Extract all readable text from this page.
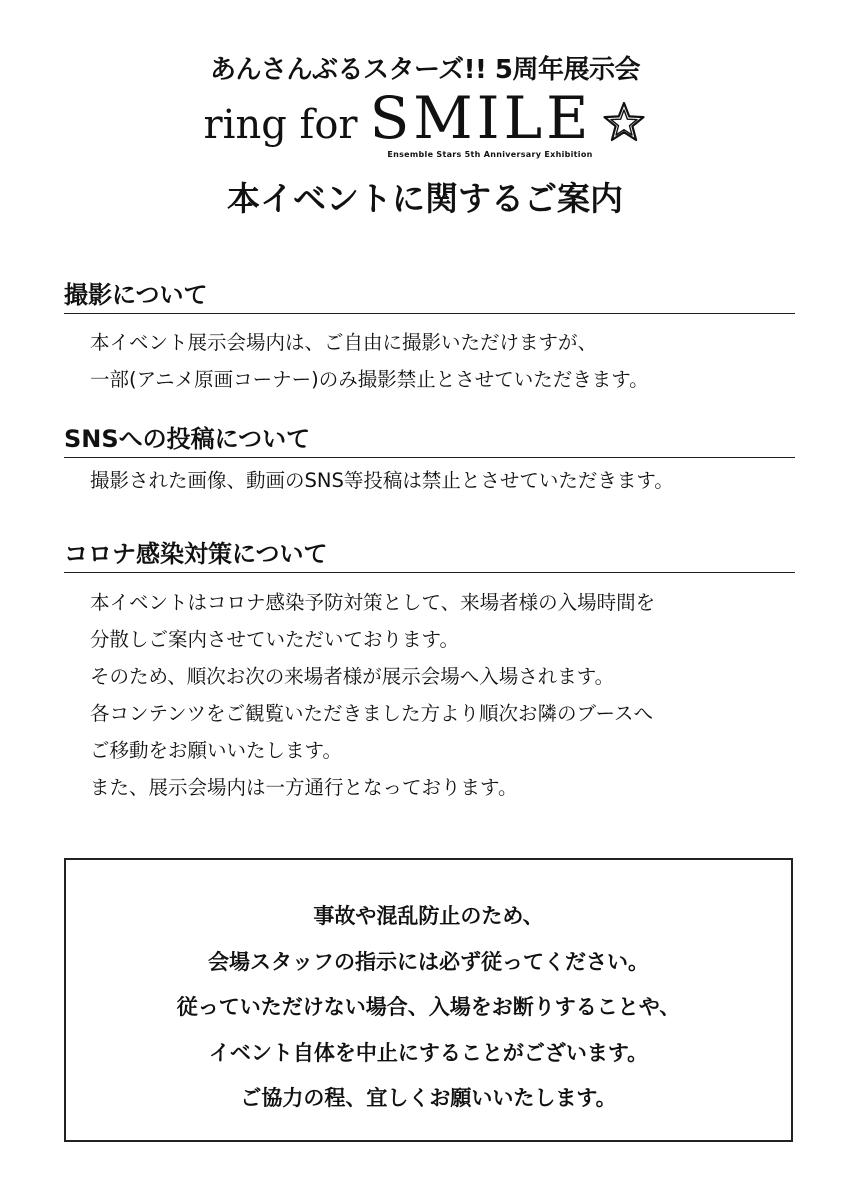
あんさんぶるスターズ!! 5周年展示会
ring for SMILE
Ensemble Stars 5th Anniversary Exhibition
本イベントに関するご案内
撮影について
本イベント展示会場内は、ご自由に撮影いただけますが、
一部(アニメ原画コーナー)のみ撮影禁止とさせていただきます。
SNSへの投稿について
撮影された画像、動画のSNS等投稿は禁止とさせていただきます。
コロナ感染対策について
本イベントはコロナ感染予防対策として、来場者様の入場時間を
分散しご案内させていただいております。
そのため、順次お次の来場者様が展示会場へ入場されます。
各コンテンツをご観覧いただきました方より順次お隣のブースへ
ご移動をお願いいたします。
また、展示会場内は一方通行となっております。
事故や混乱防止のため、
会場スタッフの指示には必ず従ってください。
従っていただけない場合、入場をお断りすることや、
イベント自体を中止にすることがございます。
ご協力の程、宜しくお願いいたします。
